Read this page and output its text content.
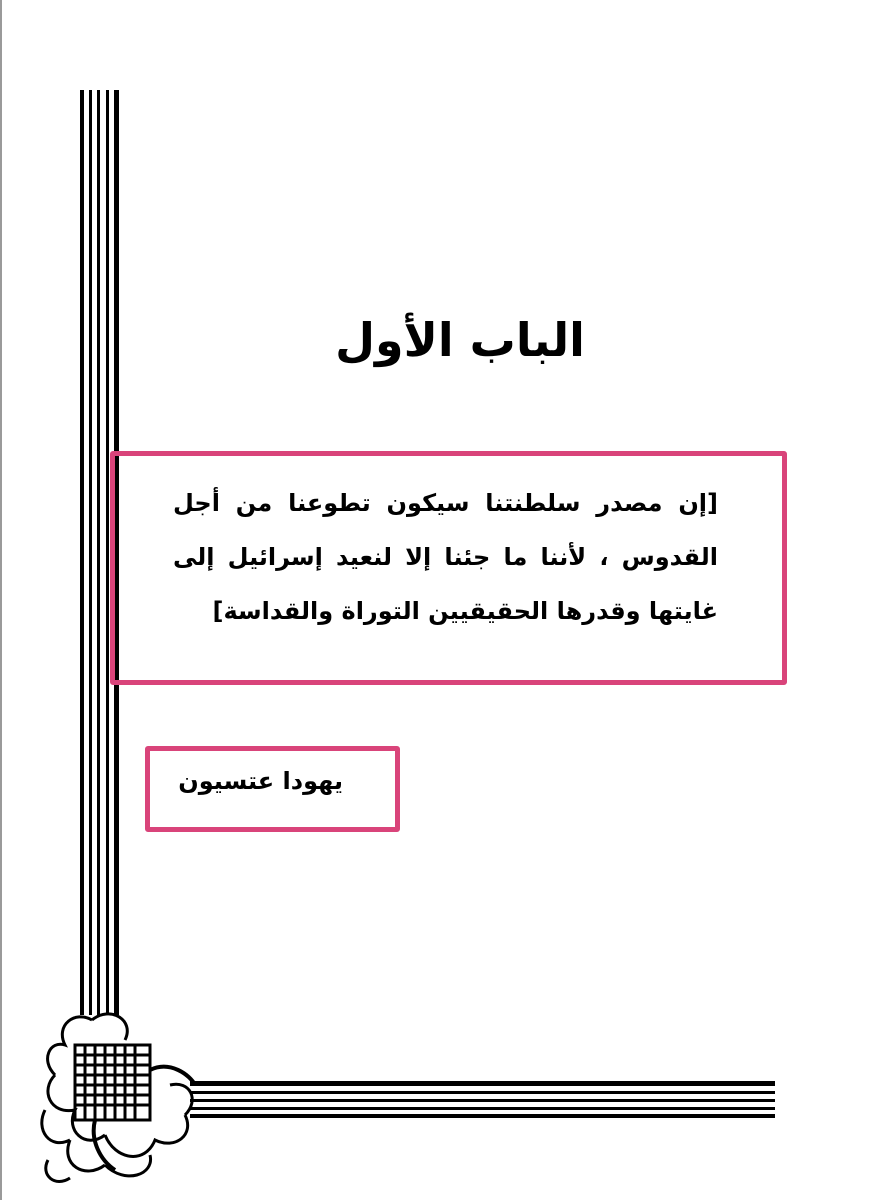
الباب الأول

[إن مصدر سلطنتنا سيكون تطوعنا من أجل القدوس ، لأننا ما جئنا إلا لنعيد إسرائيل إلى غايتها وقدرها الحقيقيين التوراة والقداسة]

يهودا عتسيون
